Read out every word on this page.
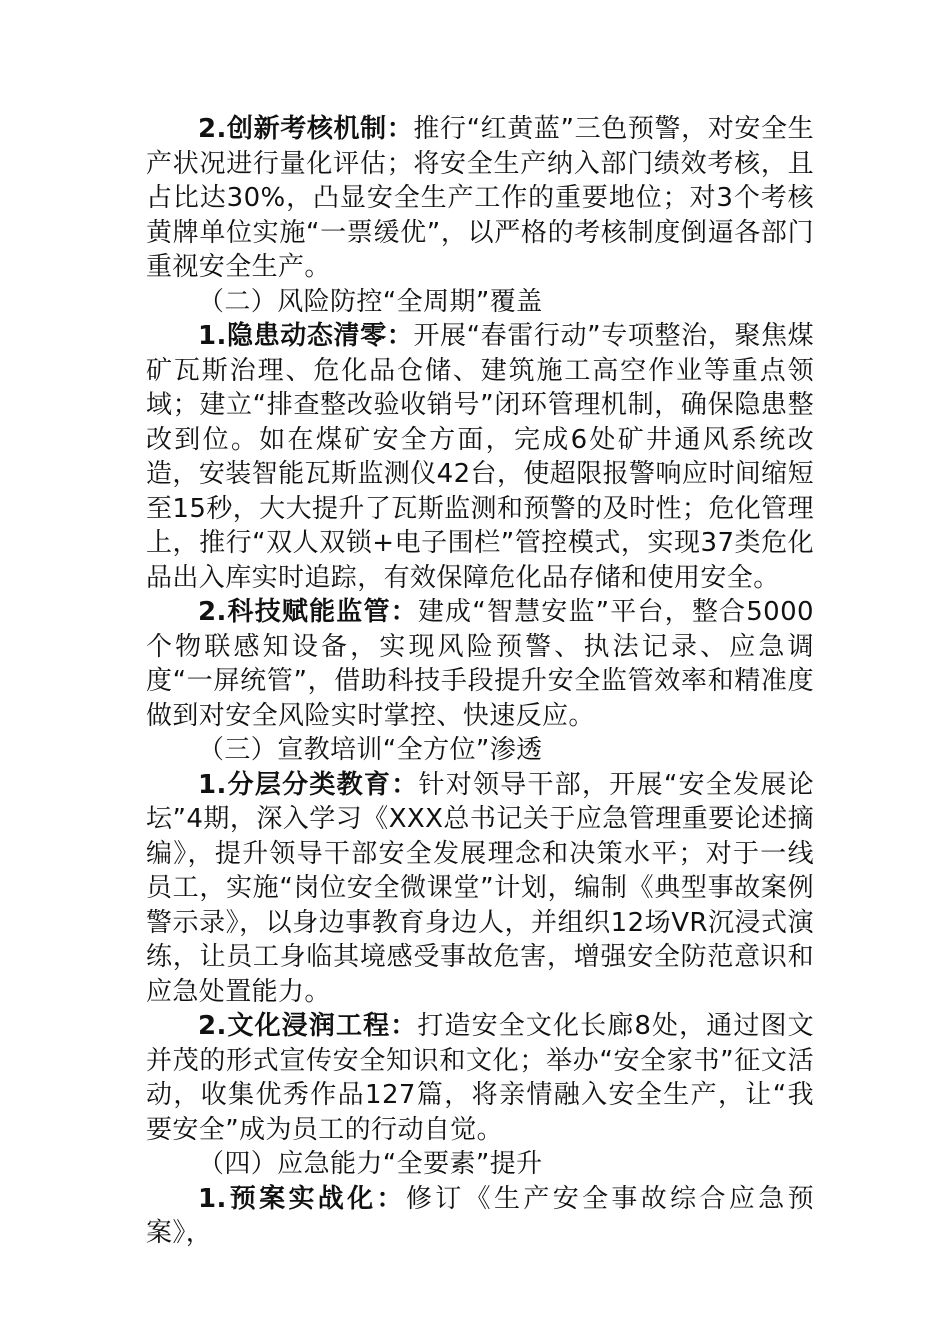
2.创新考核机制：推行“红黄蓝”三色预警，对安全生产状况进行量化评估；将安全生产纳入部门绩效考核，且占比达30%，凸显安全生产工作的重要地位；对3个考核黄牌单位实施“一票缓优”，以严格的考核制度倒逼各部门重视安全生产。

（二）风险防控“全周期”覆盖

1.隐患动态清零：开展“春雷行动”专项整治，聚焦煤矿瓦斯治理、危化品仓储、建筑施工高空作业等重点领域；建立“排查整改验收销号”闭环管理机制，确保隐患整改到位。如在煤矿安全方面，完成6处矿井通风系统改造，安装智能瓦斯监测仪42台，使超限报警响应时间缩短至15秒，大大提升了瓦斯监测和预警的及时性；危化管理上，推行“双人双锁+电子围栏”管控模式，实现37类危化品出入库实时追踪，有效保障危化品存储和使用安全。

2.科技赋能监管：建成“智慧安监”平台，整合5000个物联感知设备，实现风险预警、执法记录、应急调度“一屏统管”，借助科技手段提升安全监管效率和精准度做到对安全风险实时掌控、快速反应。

（三）宣教培训“全方位”渗透

1.分层分类教育：针对领导干部，开展“安全发展论坛”4期，深入学习《XXX总书记关于应急管理重要论述摘编》，提升领导干部安全发展理念和决策水平；对于一线员工，实施“岗位安全微课堂”计划，编制《典型事故案例警示录》，以身边事教育身边人，并组织12场VR沉浸式演练，让员工身临其境感受事故危害，增强安全防范意识和应急处置能力。

2.文化浸润工程：打造安全文化长廊8处，通过图文并茂的形式宣传安全知识和文化；举办“安全家书”征文活动，收集优秀作品127篇，将亲情融入安全生产，让“我要安全”成为员工的行动自觉。

（四）应急能力“全要素”提升

1.预案实战化：修订《生产安全事故综合应急预案》，
